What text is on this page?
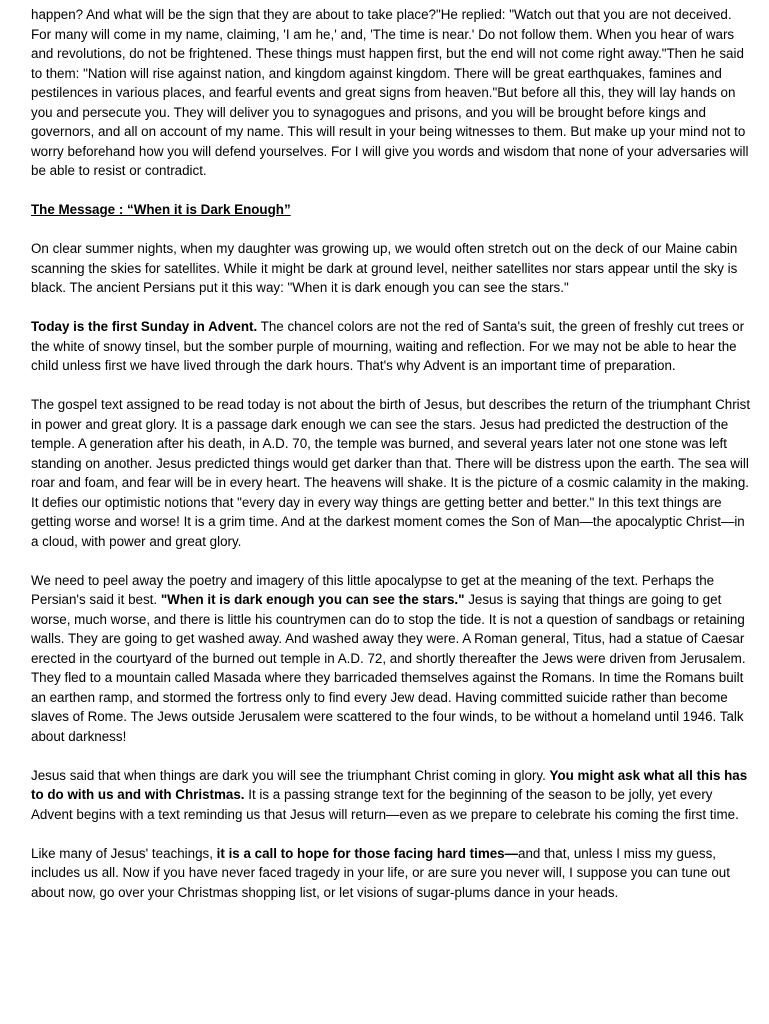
happen? And what will be the sign that they are about to take place?"He replied: "Watch out that you are not deceived. For many will come in my name, claiming, 'I am he,' and, 'The time is near.' Do not follow them. When you hear of wars and revolutions, do not be frightened. These things must happen first, but the end will not come right away."Then he said to them: "Nation will rise against nation, and kingdom against kingdom. There will be great earthquakes, famines and pestilences in various places, and fearful events and great signs from heaven."But before all this, they will lay hands on you and persecute you. They will deliver you to synagogues and prisons, and you will be brought before kings and governors, and all on account of my name. This will result in your being witnesses to them. But make up your mind not to worry beforehand how you will defend yourselves. For I will give you words and wisdom that none of your adversaries will be able to resist or contradict.

The Message : “When it is Dark Enough”

On clear summer nights, when my daughter was growing up, we would often stretch out on the deck of our Maine cabin scanning the skies for satellites. While it might be dark at ground level, neither satellites nor stars appear until the sky is black. The ancient Persians put it this way: "When it is dark enough you can see the stars."

Today is the first Sunday in Advent. The chancel colors are not the red of Santa's suit, the green of freshly cut trees or the white of snowy tinsel, but the somber purple of mourning, waiting and reflection. For we may not be able to hear the child unless first we have lived through the dark hours. That's why Advent is an important time of preparation.

The gospel text assigned to be read today is not about the birth of Jesus, but describes the return of the triumphant Christ in power and great glory. It is a passage dark enough we can see the stars. Jesus had predicted the destruction of the temple. A generation after his death, in A.D. 70, the temple was burned, and several years later not one stone was left standing on another. Jesus predicted things would get darker than that. There will be distress upon the earth. The sea will roar and foam, and fear will be in every heart. The heavens will shake. It is the picture of a cosmic calamity in the making. It defies our optimistic notions that "every day in every way things are getting better and better." In this text things are getting worse and worse! It is a grim time. And at the darkest moment comes the Son of Man—the apocalyptic Christ—in a cloud, with power and great glory.

We need to peel away the poetry and imagery of this little apocalypse to get at the meaning of the text. Perhaps the Persian's said it best. "When it is dark enough you can see the stars." Jesus is saying that things are going to get worse, much worse, and there is little his countrymen can do to stop the tide. It is not a question of sandbags or retaining walls. They are going to get washed away. And washed away they were. A Roman general, Titus, had a statue of Caesar erected in the courtyard of the burned out temple in A.D. 72, and shortly thereafter the Jews were driven from Jerusalem. They fled to a mountain called Masada where they barricaded themselves against the Romans. In time the Romans built an earthen ramp, and stormed the fortress only to find every Jew dead. Having committed suicide rather than become slaves of Rome. The Jews outside Jerusalem were scattered to the four winds, to be without a homeland until 1946. Talk about darkness!

Jesus said that when things are dark you will see the triumphant Christ coming in glory. You might ask what all this has to do with us and with Christmas. It is a passing strange text for the beginning of the season to be jolly, yet every Advent begins with a text reminding us that Jesus will return—even as we prepare to celebrate his coming the first time.

Like many of Jesus' teachings, it is a call to hope for those facing hard times—and that, unless I miss my guess, includes us all. Now if you have never faced tragedy in your life, or are sure you never will, I suppose you can tune out about now, go over your Christmas shopping list, or let visions of sugar-plums dance in your heads.
